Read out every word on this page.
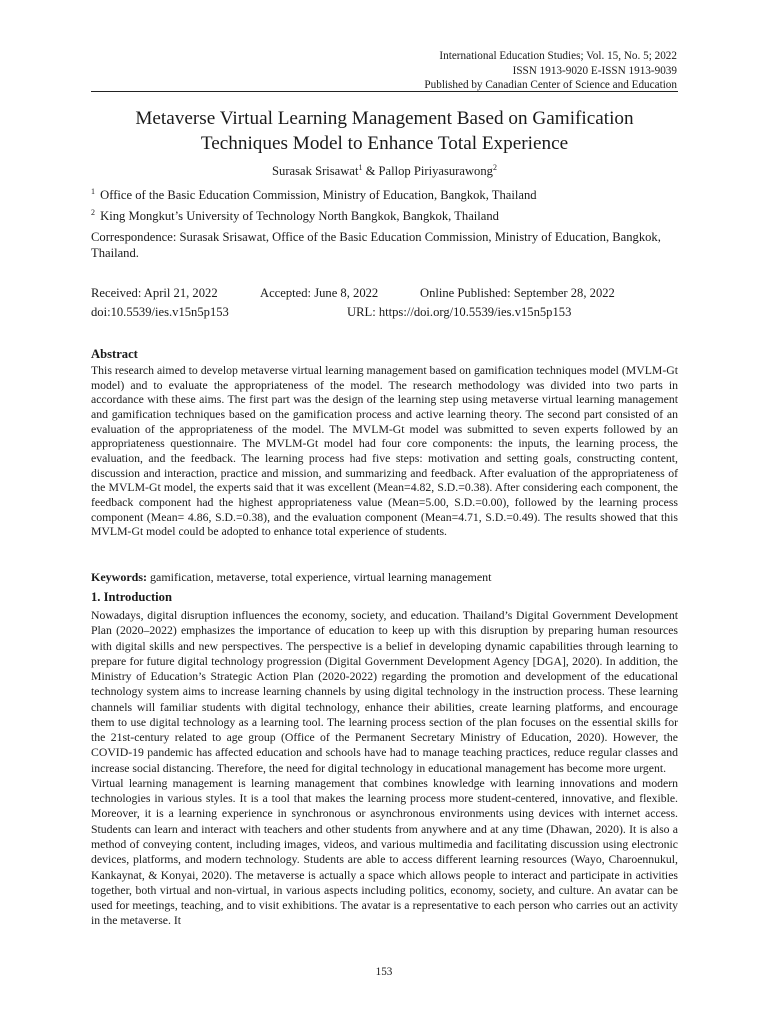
International Education Studies; Vol. 15, No. 5; 2022
ISSN 1913-9020 E-ISSN 1913-9039
Published by Canadian Center of Science and Education
Metaverse Virtual Learning Management Based on Gamification
Techniques Model to Enhance Total Experience
Surasak Srisawat$^1$ & Pallop Piriyasurawong$^2$
$^1$ Office of the Basic Education Commission, Ministry of Education, Bangkok, Thailand
$^2$ King Mongkut’s University of Technology North Bangkok, Bangkok, Thailand
Correspondence: Surasak Srisawat, Office of the Basic Education Commission, Ministry of Education, Bangkok, Thailand.
Received: April 21, 2022	Accepted: June 8, 2022	Online Published: September 28, 2022
doi:10.5539/ies.v15n5p153	URL: https://doi.org/10.5539/ies.v15n5p153
Abstract
This research aimed to develop metaverse virtual learning management based on gamification techniques model (MVLM-Gt model) and to evaluate the appropriateness of the model. The research methodology was divided into two parts in accordance with these aims. The first part was the design of the learning step using metaverse virtual learning management and gamification techniques based on the gamification process and active learning theory. The second part consisted of an evaluation of the appropriateness of the model. The MVLM-Gt model was submitted to seven experts followed by an appropriateness questionnaire. The MVLM-Gt model had four core components: the inputs, the learning process, the evaluation, and the feedback. The learning process had five steps: motivation and setting goals, constructing content, discussion and interaction, practice and mission, and summarizing and feedback. After evaluation of the appropriateness of the MVLM-Gt model, the experts said that it was excellent (Mean=4.82, S.D.=0.38). After considering each component, the feedback component had the highest appropriateness value (Mean=5.00, S.D.=0.00), followed by the learning process component (Mean= 4.86, S.D.=0.38), and the evaluation component (Mean=4.71, S.D.=0.49). The results showed that this MVLM-Gt model could be adopted to enhance total experience of students.
Keywords: gamification, metaverse, total experience, virtual learning management
1. Introduction

Nowadays, digital disruption influences the economy, society, and education. Thailand’s Digital Government Development Plan (2020–2022) emphasizes the importance of education to keep up with this disruption by preparing human resources with digital skills and new perspectives. The perspective is a belief in developing dynamic capabilities through learning to prepare for future digital technology progression (Digital Government Development Agency [DGA], 2020). In addition, the Ministry of Education’s Strategic Action Plan (2020-2022) regarding the promotion and development of the educational technology system aims to increase learning channels by using digital technology in the instruction process. These learning channels will familiar students with digital technology, enhance their abilities, create learning platforms, and encourage them to use digital technology as a learning tool. The learning process section of the plan focuses on the essential skills for the 21st-century related to age group (Office of the Permanent Secretary Ministry of Education, 2020). However, the COVID-19 pandemic has affected education and schools have had to manage teaching practices, reduce regular classes and increase social distancing. Therefore, the need for digital technology in educational management has become more urgent.

Virtual learning management is learning management that combines knowledge with learning innovations and modern technologies in various styles. It is a tool that makes the learning process more student-centered, innovative, and flexible. Moreover, it is a learning experience in synchronous or asynchronous environments using devices with internet access. Students can learn and interact with teachers and other students from anywhere and at any time (Dhawan, 2020). It is also a method of conveying content, including images, videos, and various multimedia and facilitating discussion using electronic devices, platforms, and modern technology. Students are able to access different learning resources (Wayo, Charoennukul, Kankaynat, & Konyai, 2020). The metaverse is actually a space which allows people to interact and participate in activities together, both virtual and non-virtual, in various aspects including politics, economy, society, and culture. An avatar can be used for meetings, teaching, and to visit exhibitions. The avatar is a representative to each person who carries out an activity in the metaverse. It

153
